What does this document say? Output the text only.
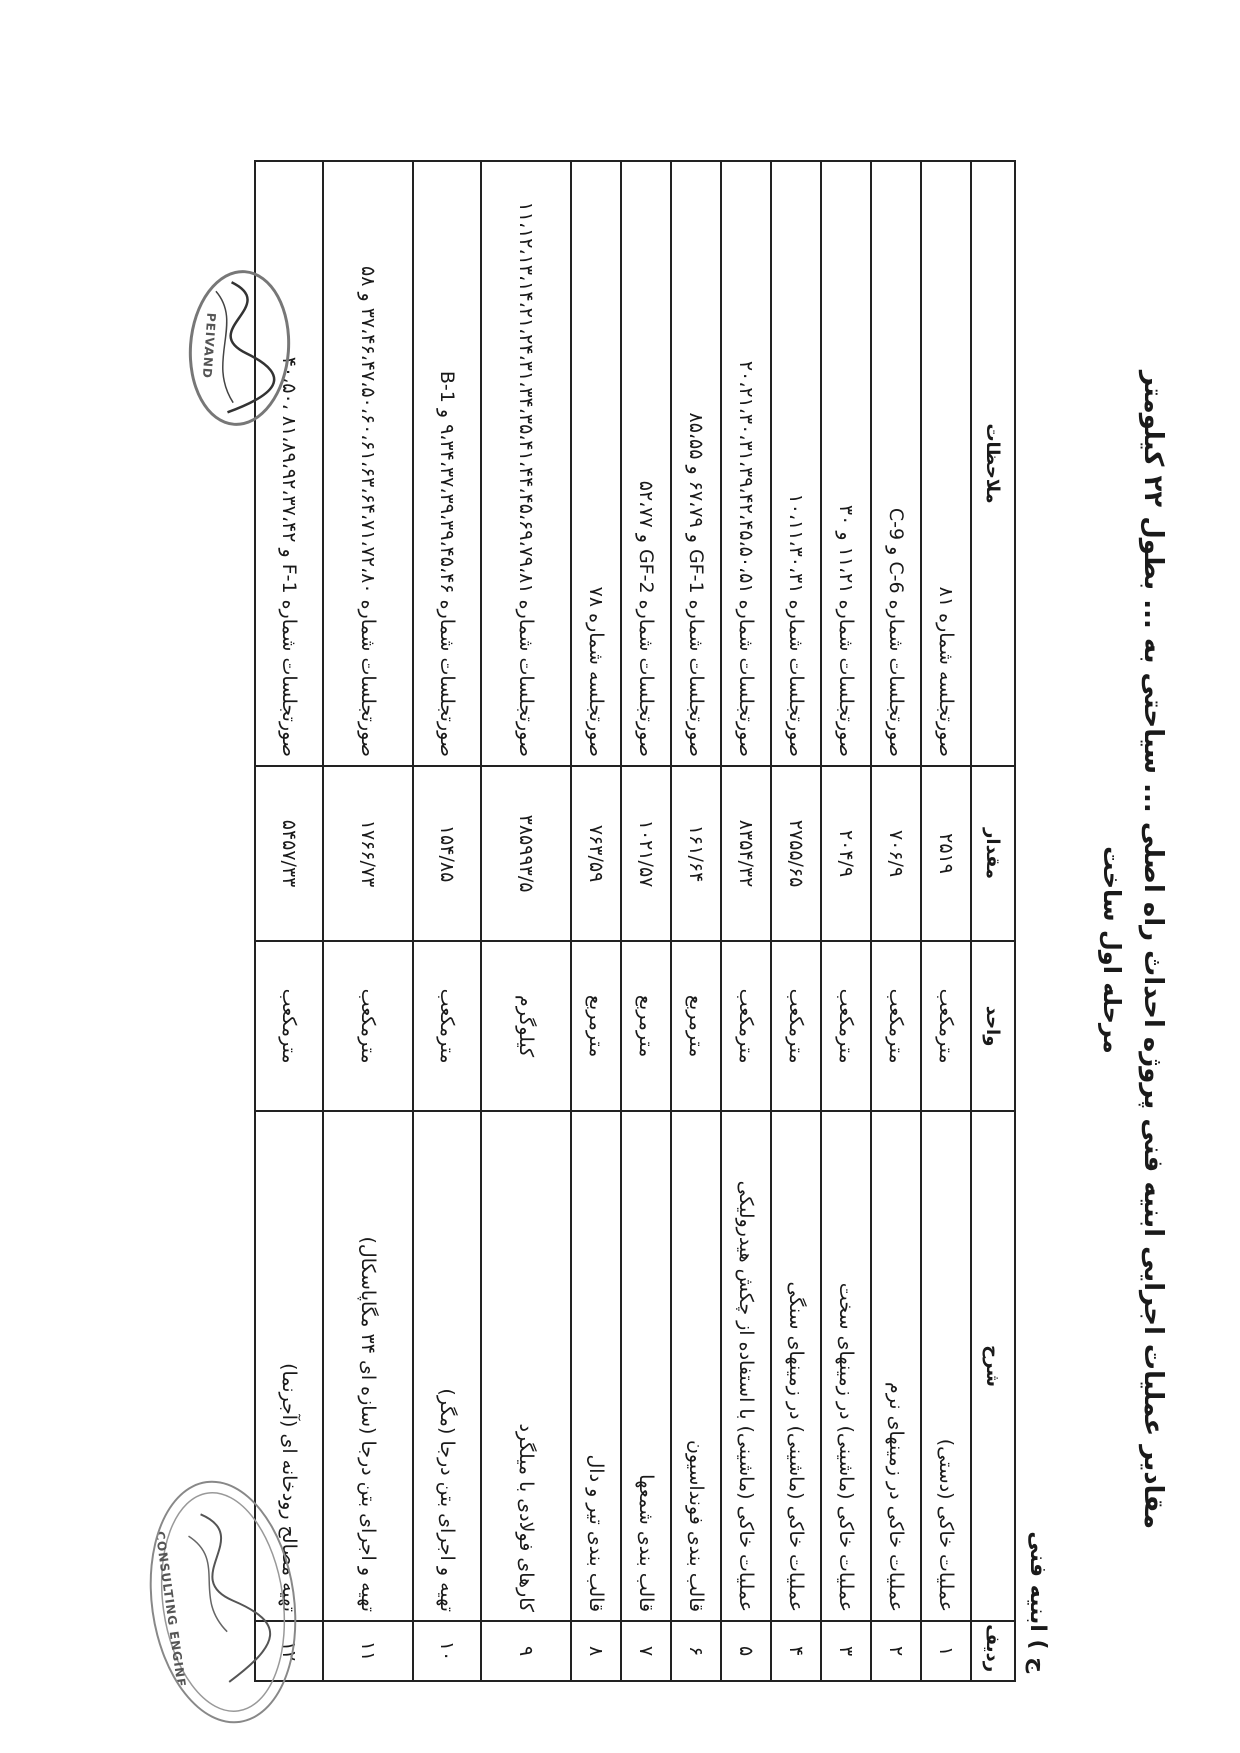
مقادیر عملیات اجرایی ابنیه فنی پروژه احداث راه اصلی ... سیاحتی به ... بطول ۲۲ کیلومتر
مرحله اول ساخت
ج ) ابنیه فنی				
ردیف	شرح	واحد	مقدار	ملاحظات
۱	عملیات خاکی (دستی)	مترمکعب	۲۵۱۹	صورتجلسه شماره ۸۱
۲	عملیات خاکی در زمینهای نرم	مترمکعب	۷۰۶/۹	صورتجلسات شماره C-6 و C-9
۳	عملیات خاکی (ماشینی) در زمینهای سخت	مترمکعب	۲۰۴/۹	صورتجلسات شماره ۱۱،۲۱ و ۳۰
۴	عملیات خاکی (ماشینی) در زمینهای سنگی	مترمکعب	۲۷۵۵/۶۵	صورتجلسات شماره ۱۰،۱۱،۳۰،۳۱
۵	عملیات خاکی (ماشینی) با استفاده از چکش هیدرولیکی	مترمکعب	۸۳۵۴/۳۲	صورتجلسات شماره ۲۰،۲۱،۳۰،۳۱،۳۹،۴۲،۴۵،۵۰،۵۱
۶	قالب بندی فونداسیون	مترمربع	۱۶۱/۶۴	صورتجلسات شماره GF-1 و ۶۷،۷۹ و ۸۵،۵۵
۷	قالب بندی شمعها	مترمربع	۱۰۲۱/۵۷	صورتجلسات شماره GF-2 و ۵۲،۷۷
۸	قالب بندی تیر و دال	مترمربع	۷۶۳/۵۹	صورتجلسه شماره ۷۸
۹	کارهای فولادی با میلگرد	کیلوگرم	۳۸۵۹۹۳/۵	صورتجلسات شماره ۱۱،۱۲،۱۳،۱۴،۲۱،۲۴،۳۱،۳۴،۳۵،۴۱،۴۴،۴۵،۶۹،۷۹،۸۱
۱۰	تهیه و اجرای بتن درجا (مگر)	مترمکعب	۱۵۴/۸۵	صورتجلسات شماره ۹،۳۴،۳۷،۳۹،۳۹،۴۵،۴۶ و B-1
۱۱	تهیه و اجرای بتن درجا (سازه ای ۳۴ مگاپاسکال)	مترمکعب	۱۷۶۶/۷۳	صورتجلسات شماره ۳۷،۴۶،۴۷،۵۰،۶۰،۶۱،۶۳،۶۴،۷۱،۷۲،۸۰ و ۵۸
۱۲	تهیه مصالح رودخانه ای (آجرنما)	مترمکعب	۵۴۵۷/۳۳	صورتجلسات شماره F-1 و ۸۱،۸۹،۹۲،۳۷،۴۲ ،۴۰،۵۰
CONSULTING ENGINE
PEIVAND
